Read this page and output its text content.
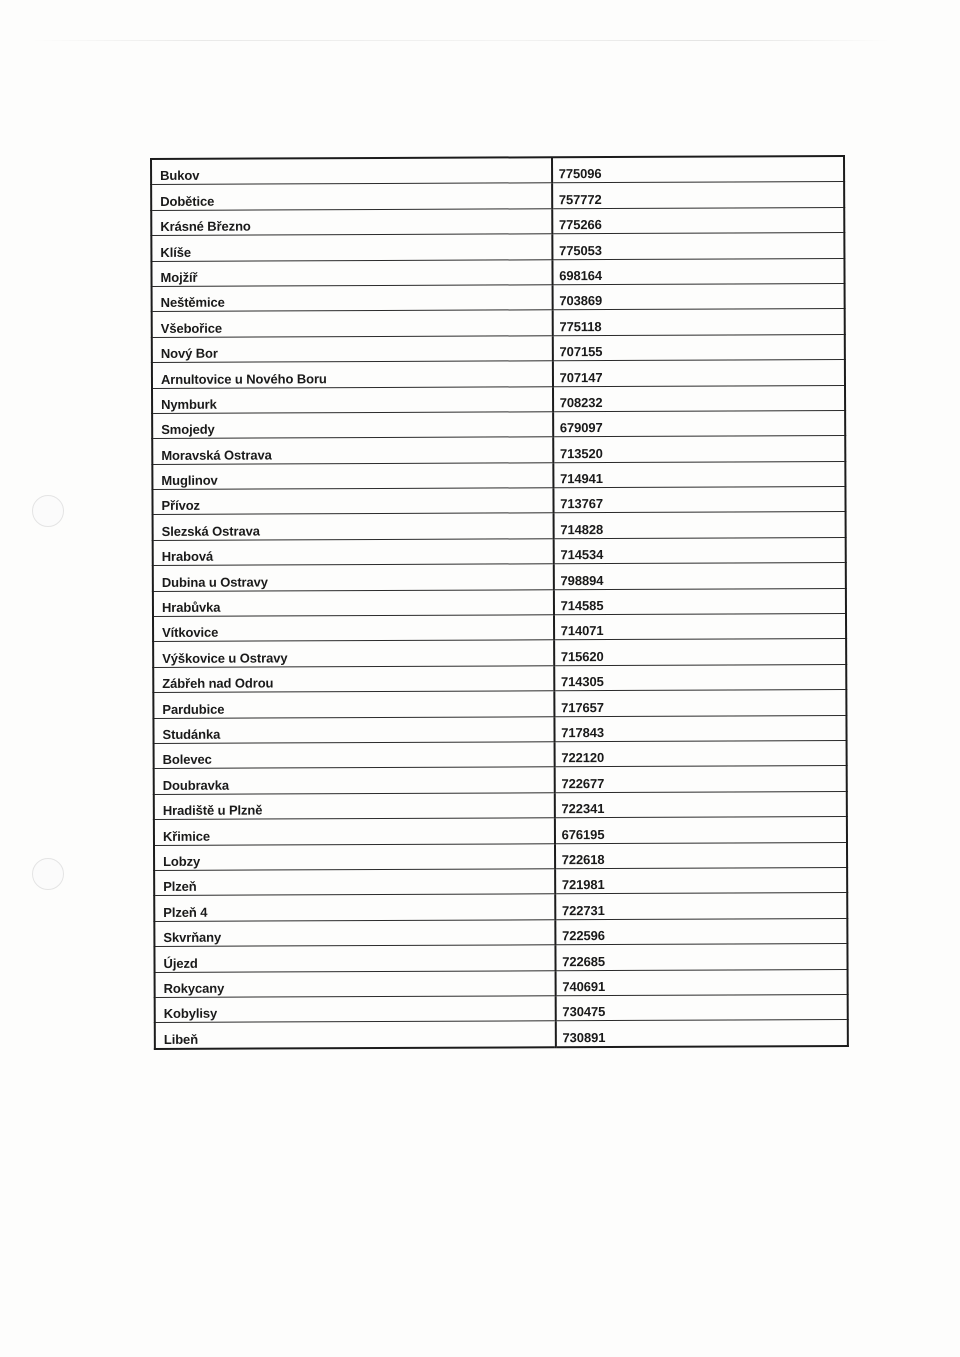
Bukov	775096
Dobětice	757772
Krásné Březno	775266
Klíše	775053
Mojžíř	698164
Neštěmice	703869
Všebořice	775118
Nový Bor	707155
Arnultovice u Nového Boru	707147
Nymburk	708232
Smojedy	679097
Moravská Ostrava	713520
Muglinov	714941
Přívoz	713767
Slezská Ostrava	714828
Hrabová	714534
Dubina u Ostravy	798894
Hrabůvka	714585
Vítkovice	714071
Výškovice u Ostravy	715620
Zábřeh nad Odrou	714305
Pardubice	717657
Studánka	717843
Bolevec	722120
Doubravka	722677
Hradiště u Plzně	722341
Křimice	676195
Lobzy	722618
Plzeň	721981
Plzeň 4	722731
Skvrňany	722596
Újezd	722685
Rokycany	740691
Kobylisy	730475
Libeň	730891
